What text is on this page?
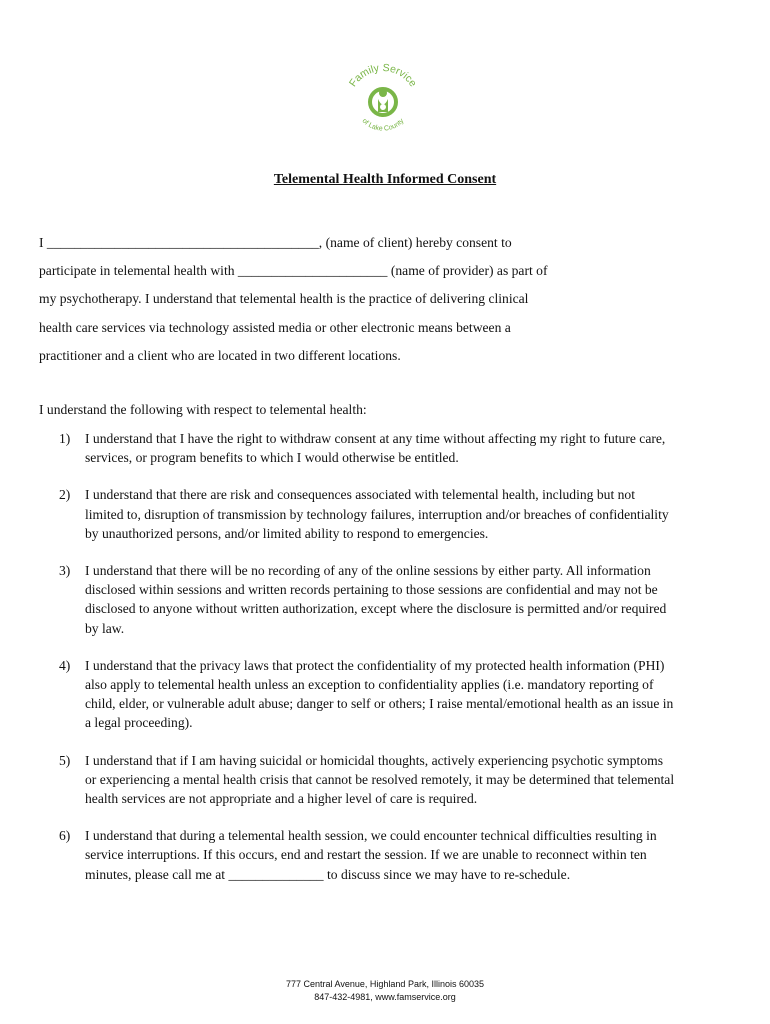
Family Service
of Lake County
Telemental Health Informed Consent

I ________________________________________, (name of client) hereby consent to

participate in telemental health with ______________________ (name of provider) as part of

my psychotherapy. I understand that telemental health is the practice of delivering clinical

health care services via technology assisted media or other electronic means between a

practitioner and a client who are located in two different locations.

I understand the following with respect to telemental health:
1) I understand that I have the right to withdraw consent at any time without affecting my right to future care,
services, or program benefits to which I would otherwise be entitled.
2) I understand that there are risk and consequences associated with telemental health, including but not
limited to, disruption of transmission by technology failures, interruption and/or breaches of confidentiality
by unauthorized persons, and/or limited ability to respond to emergencies.
3) I understand that there will be no recording of any of the online sessions by either party. All information
disclosed within sessions and written records pertaining to those sessions are confidential and may not be
disclosed to anyone without written authorization, except where the disclosure is permitted and/or required
by law.
4) I understand that the privacy laws that protect the confidentiality of my protected health information (PHI)
also apply to telemental health unless an exception to confidentiality applies (i.e. mandatory reporting of
child, elder, or vulnerable adult abuse; danger to self or others; I raise mental/emotional health as an issue in
a legal proceeding).
5) I understand that if I am having suicidal or homicidal thoughts, actively experiencing psychotic symptoms
or experiencing a mental health crisis that cannot be resolved remotely, it may be determined that telemental
health services are not appropriate and a higher level of care is required.
6) I understand that during a telemental health session, we could encounter technical difficulties resulting in
service interruptions. If this occurs, end and restart the session. If we are unable to reconnect within ten
minutes, please call me at ______________ to discuss since we may have to re-schedule.
777 Central Avenue, Highland Park, Illinois 60035
847-432-4981, www.famservice.org
